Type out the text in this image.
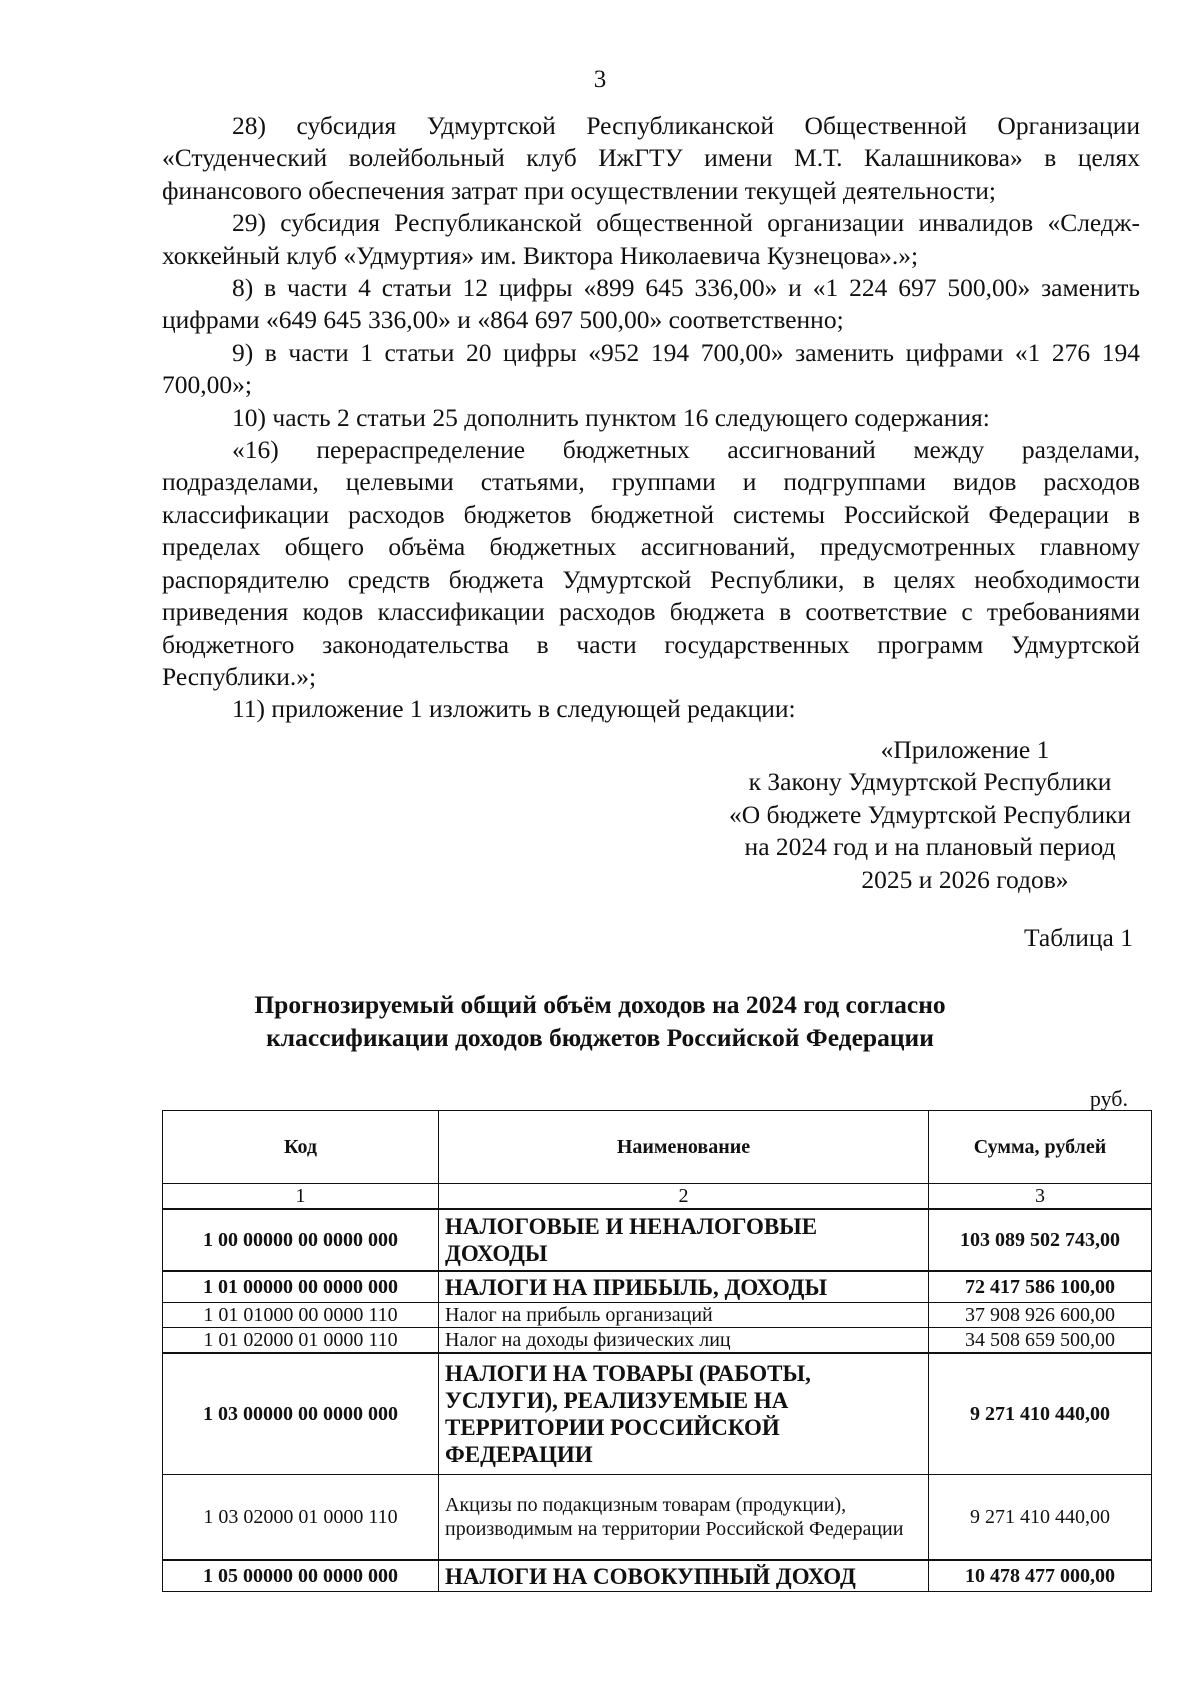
3

28) субсидия Удмуртской Республиканской Общественной Организации «Студенческий волейбольный клуб ИжГТУ имени М.Т. Калашникова» в целях финансового обеспечения затрат при осуществлении текущей деятельности;

29) субсидия Республиканской общественной организации инвалидов «Следж-хоккейный клуб «Удмуртия» им. Виктора Николаевича Кузнецова».»;

8) в части 4 статьи 12 цифры «899 645 336,00» и «1 224 697 500,00» заменить цифрами «649 645 336,00» и «864 697 500,00» соответственно;

9) в части 1 статьи 20 цифры «952 194 700,00» заменить цифрами «1 276 194 700,00»;

10) часть 2 статьи 25 дополнить пунктом 16 следующего содержания:

«16) перераспределение бюджетных ассигнований между разделами, подразделами, целевыми статьями, группами и подгруппами видов расходов классификации расходов бюджетов бюджетной системы Российской Федерации в пределах общего объёма бюджетных ассигнований, предусмотренных главному распорядителю средств бюджета Удмуртской Республики, в целях необходимости приведения кодов классификации расходов бюджета в соответствие с требованиями бюджетного законодательства в части государственных программ Удмуртской Республики.»;

11) приложение 1 изложить в следующей редакции:

«Приложение 1
к Закону Удмуртской Республики
«О бюджете Удмуртской Республики
на 2024 год и на плановый период
2025 и 2026 годов»
Таблица 1
Прогнозируемый общий объём доходов на 2024 год согласно
классификации доходов бюджетов Российской Федерации
руб.
Код	Наименование	Сумма, рублей
1	2	3
1 00 00000 00 0000 000	НАЛОГОВЫЕ И НЕНАЛОГОВЫЕ ДОХОДЫ	103 089 502 743,00
1 01 00000 00 0000 000	НАЛОГИ НА ПРИБЫЛЬ, ДОХОДЫ	72 417 586 100,00
1 01 01000 00 0000 110	Налог на прибыль организаций	37 908 926 600,00
1 01 02000 01 0000 110	Налог на доходы физических лиц	34 508 659 500,00
1 03 00000 00 0000 000	НАЛОГИ НА ТОВАРЫ (РАБОТЫ, УСЛУГИ), РЕАЛИЗУЕМЫЕ НА ТЕРРИТОРИИ РОССИЙСКОЙ ФЕДЕРАЦИИ	9 271 410 440,00
1 03 02000 01 0000 110	Акцизы по подакцизным товарам (продукции), производимым на территории Российской Федерации	9 271 410 440,00
1 05 00000 00 0000 000	НАЛОГИ НА СОВОКУПНЫЙ ДОХОД	10 478 477 000,00
